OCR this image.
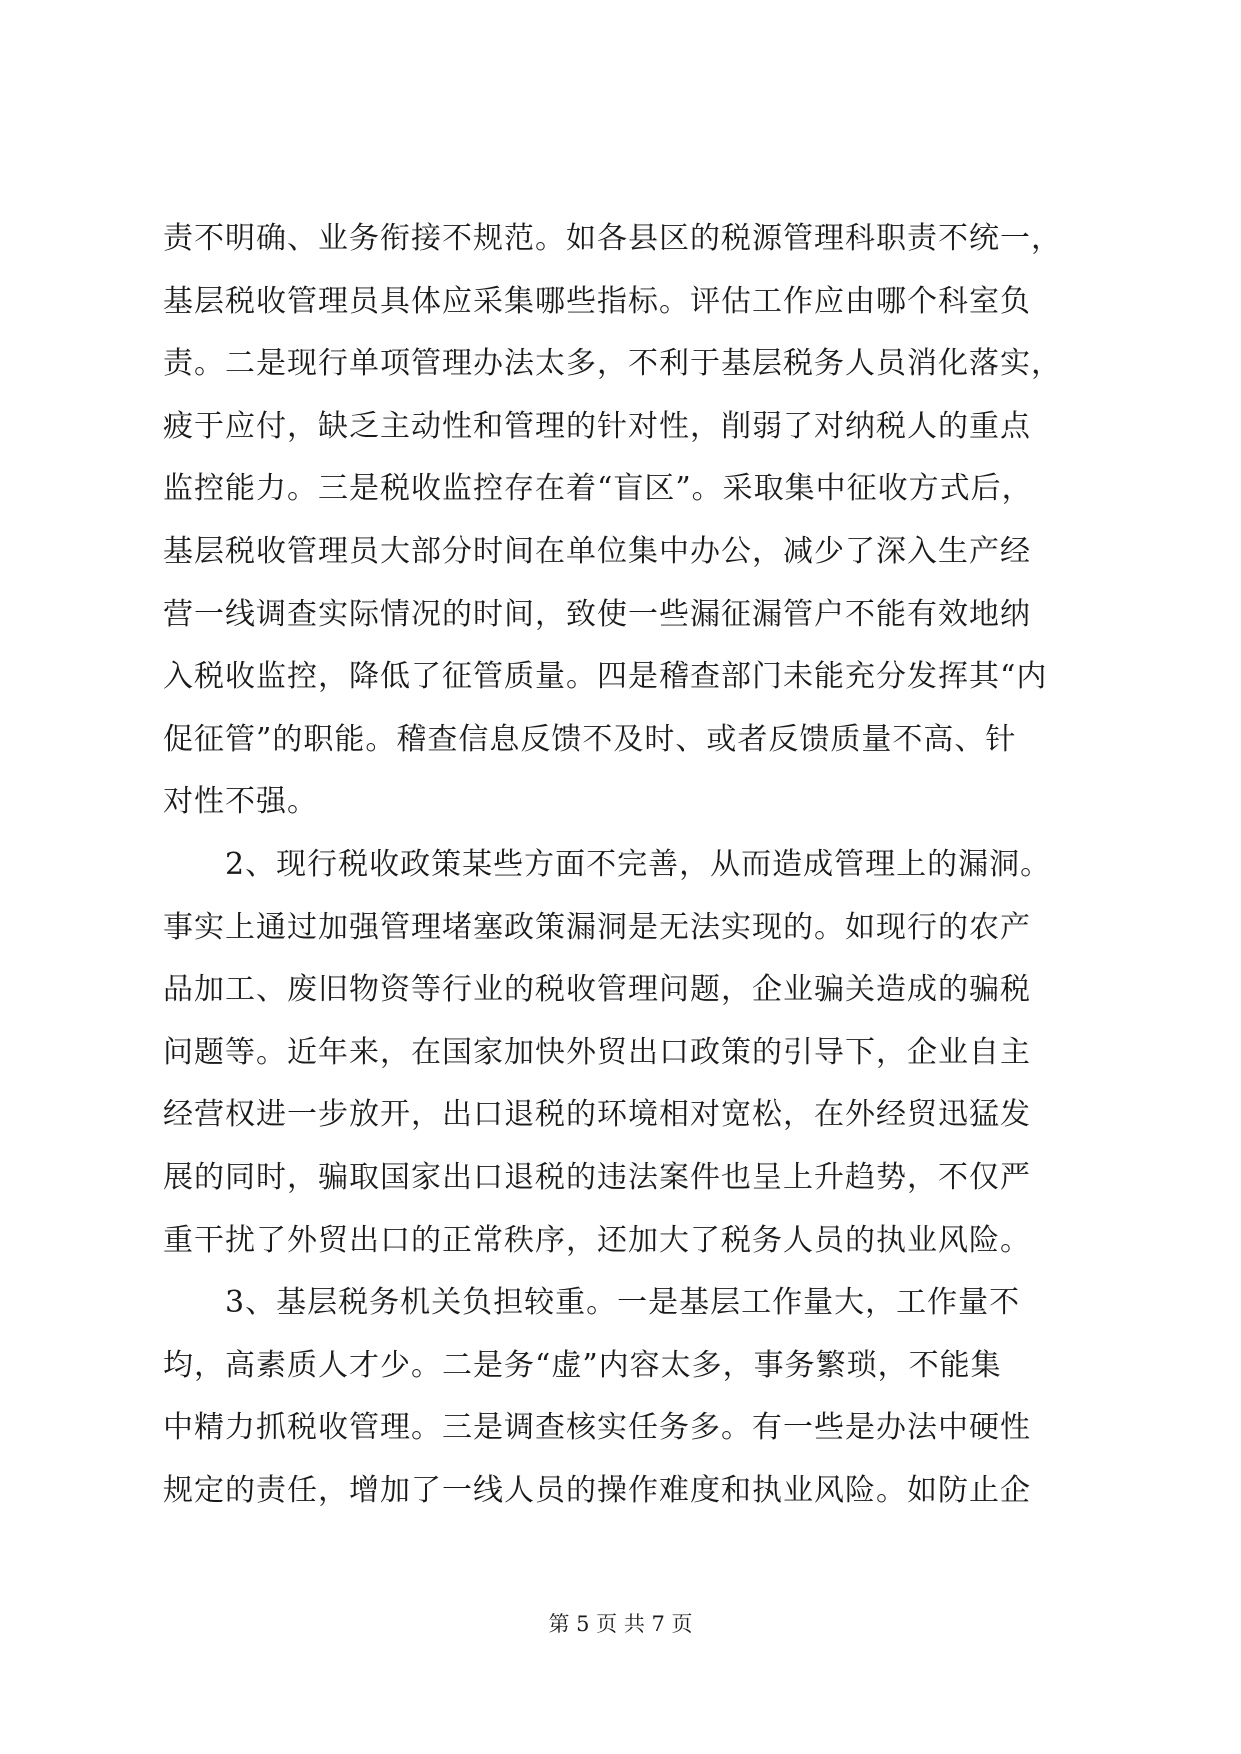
责不明确、业务衔接不规范。如各县区的税源管理科职责不统一，
基层税收管理员具体应采集哪些指标。评估工作应由哪个科室负
责。二是现行单项管理办法太多，不利于基层税务人员消化落实，
疲于应付，缺乏主动性和管理的针对性，削弱了对纳税人的重点
监控能力。三是税收监控存在着“盲区”。采取集中征收方式后，
基层税收管理员大部分时间在单位集中办公，减少了深入生产经
营一线调查实际情况的时间，致使一些漏征漏管户不能有效地纳
入税收监控，降低了征管质量。四是稽查部门未能充分发挥其“内
促征管”的职能。稽查信息反馈不及时、或者反馈质量不高、针
对性不强。
　　2、现行税收政策某些方面不完善，从而造成管理上的漏洞。
事实上通过加强管理堵塞政策漏洞是无法实现的。如现行的农产
品加工、废旧物资等行业的税收管理问题，企业骗关造成的骗税
问题等。近年来，在国家加快外贸出口政策的引导下，企业自主
经营权进一步放开，出口退税的环境相对宽松，在外经贸迅猛发
展的同时，骗取国家出口退税的违法案件也呈上升趋势，不仅严
重干扰了外贸出口的正常秩序，还加大了税务人员的执业风险。
　　3、基层税务机关负担较重。一是基层工作量大，工作量不
均，高素质人才少。二是务“虚”内容太多，事务繁琐，不能集
中精力抓税收管理。三是调查核实任务多。有一些是办法中硬性
规定的责任，增加了一线人员的操作难度和执业风险。如防止企
第 5 页 共 7 页
